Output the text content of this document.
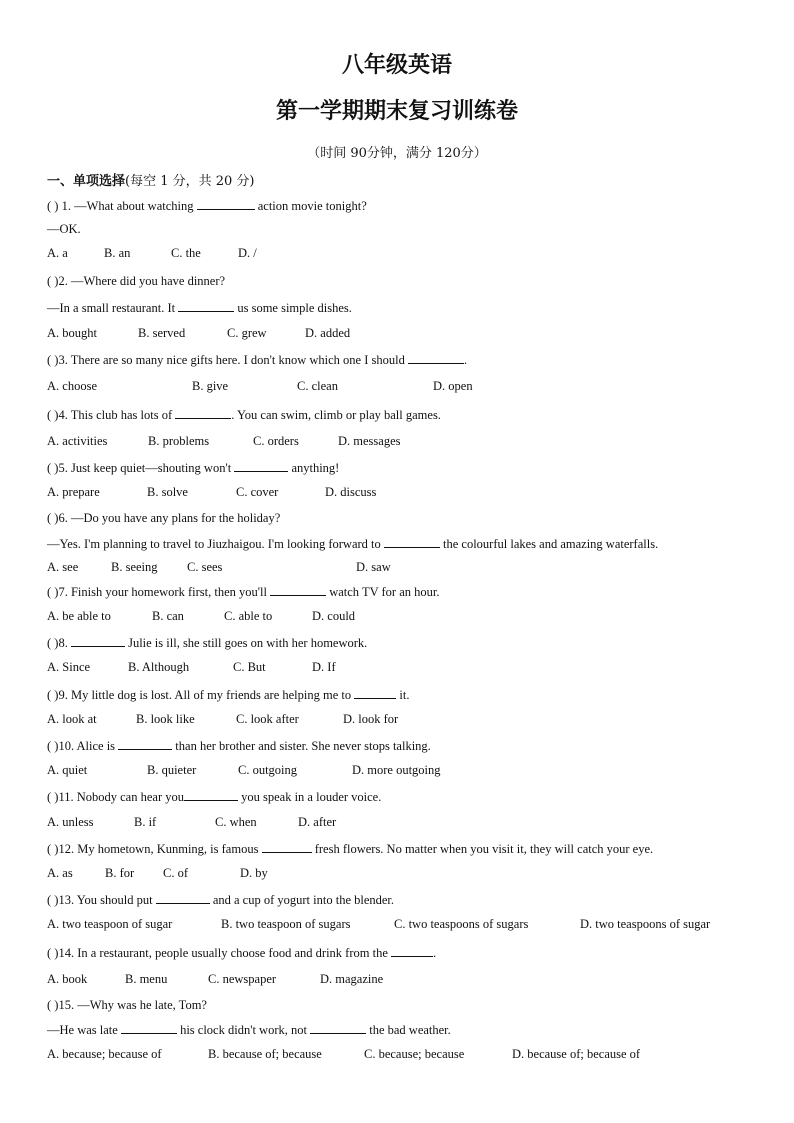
八年级英语
第一学期期末复习训练卷
（时间 90分钟，满分 120分）
一、单项选择(每空 1 分，共 20 分)
( ) 1. —What about watching	action movie tonight?
—OK.
A. a	B. an	C. the	D. /
( )2. —Where did you have dinner?
—In a small restaurant. It	us some simple dishes.
A. bought	B. served	C. grew	D. added
( )3. There are so many nice gifts here. I don't know which one I should	.
A. choose	B. give	C. clean	D. open
( )4. This club has lots of	. You can swim, climb or play ball games.
A. activities	B. problems	C. orders	D. messages
( )5. Just keep quiet—shouting won't	anything!
A. prepare	B. solve	C. cover	D. discuss
( )6. —Do you have any plans for the holiday?
—Yes. I'm planning to travel to Jiuzhaigou. I'm looking forward to	the colourful lakes and amazing waterfalls.
A. see	B. seeing C. sees	D. saw
( )7. Finish your homework first, then you'll	watch TV for an hour.
A. be able to	B. can	C. able to	D. could
( )8.	Julie is ill, she still goes on with her homework.
A. Since	B. Although	C. But	D. If
( )9. My little dog is lost. All of my friends are helping me to	it.
A. look at	B. look like	C. look after	D. look for
( )10. Alice is	than her brother and sister. She never stops talking.
A. quiet	B. quieter	C. outgoing	D. more outgoing
( )11. Nobody can hear you	you speak in a louder voice.
A. unless	B. if	C. when	D. after
( )12. My hometown, Kunming, is famous	fresh flowers. No matter when you visit it, they will catch your eye.
A. as	B. for C. of	D. by
( )13. You should put	and a cup of yogurt into the blender.
A. two teaspoon of sugar	B. two teaspoon of sugars	C. two teaspoons of sugars	D. two teaspoons of sugar
( )14. In a restaurant, people usually choose food and drink from the	.
A. book	B. menu	C. newspaper	D. magazine
( )15. —Why was he late, Tom?
—He was late	his clock didn't work, not	the bad weather.
A. because; because of	B. because of; because	C. because; because	D. because of; because of
